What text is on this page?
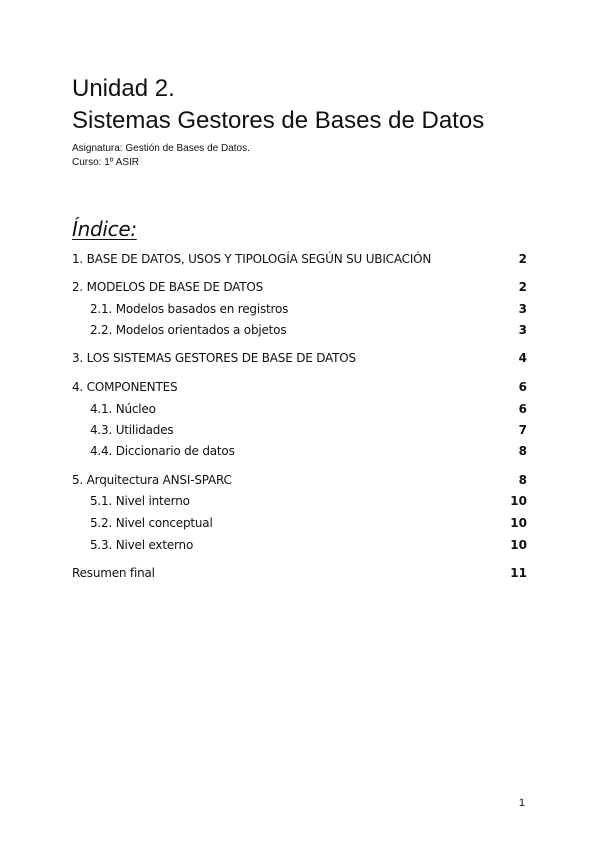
Unidad 2.
Sistemas Gestores de Bases de Datos
Asignatura: Gestión de Bases de Datos.
Curso: 1º ASIR
Índice:
1. BASE DE DATOS, USOS Y TIPOLOGÍA SEGÚN SU UBICACIÓN	2
2. MODELOS DE BASE DE DATOS	2
2.1. Modelos basados en registros	3
2.2. Modelos orientados a objetos	3
3. LOS SISTEMAS GESTORES DE BASE DE DATOS	4
4. COMPONENTES	6
4.1. Núcleo	6
4.3. Utilidades	7
4.4. Diccionario de datos	8
5. Arquitectura ANSI-SPARC	8
5.1. Nivel interno	10
5.2. Nivel conceptual	10
5.3. Nivel externo	10
Resumen final	11
1
